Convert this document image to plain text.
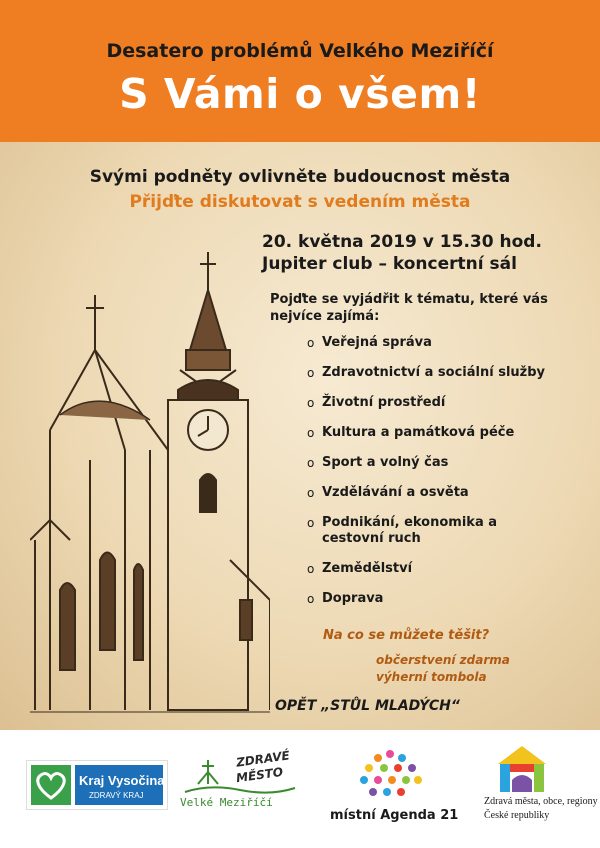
Desatero problémů Velkého Meziříčí
S Vámi o všem!
Svými podněty ovlivněte budoucnost města
Přijďte diskutovat s vedením města
20. května 2019 v 15.30 hod.
Jupiter club – koncertní sál
Pojďte se vyjádřit k tématu, které vás nejvíce zajímá:
o Veřejná správa
o Zdravotnictví a sociální služby
o Životní prostředí
o Kultura a památková péče
o Sport a volný čas
o Vzdělávání a osvěta
o Podnikání, ekonomika a cestovní ruch
o Zemědělství
o Doprava
Na co se můžete těšit?
občerstvení zdarma
výherní tombola
OPĚT „STŮL MLADÝCH“
Kraj Vysočina
ZDRAVÝ KRAJ
ZDRAVÉ
MĚSTO
Velké Meziříčí
místní Agenda 21
Zdravá města, obce, regiony
České republiky
